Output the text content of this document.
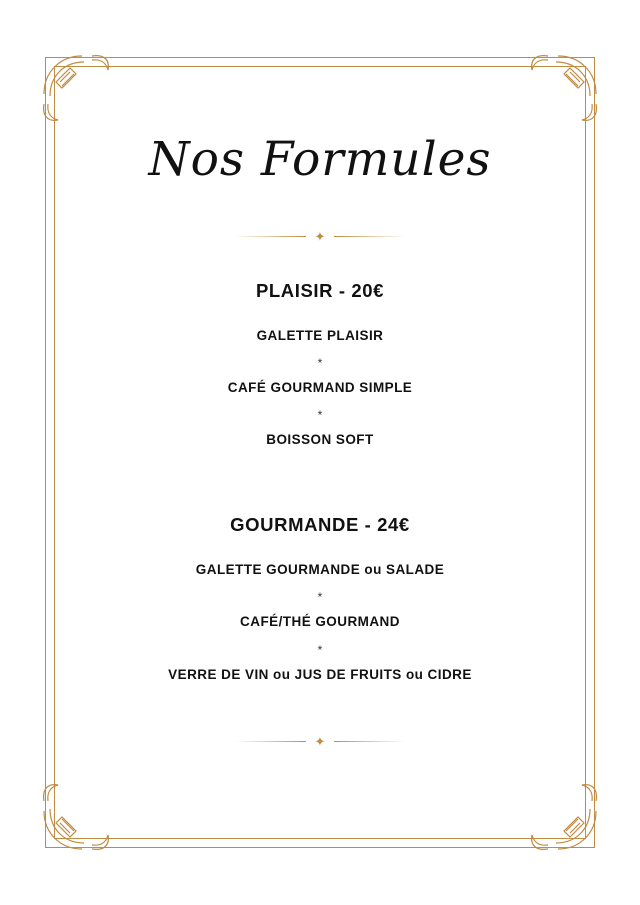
Nos Formules
✦
PLAISIR - 20€
GALETTE PLAISIR
*
CAFÉ GOURMAND SIMPLE
*
BOISSON SOFT
GOURMANDE - 24€
GALETTE GOURMANDE ou SALADE
*
CAFÉ/THÉ GOURMAND
*
VERRE DE VIN ou JUS DE FRUITS ou CIDRE
✦
